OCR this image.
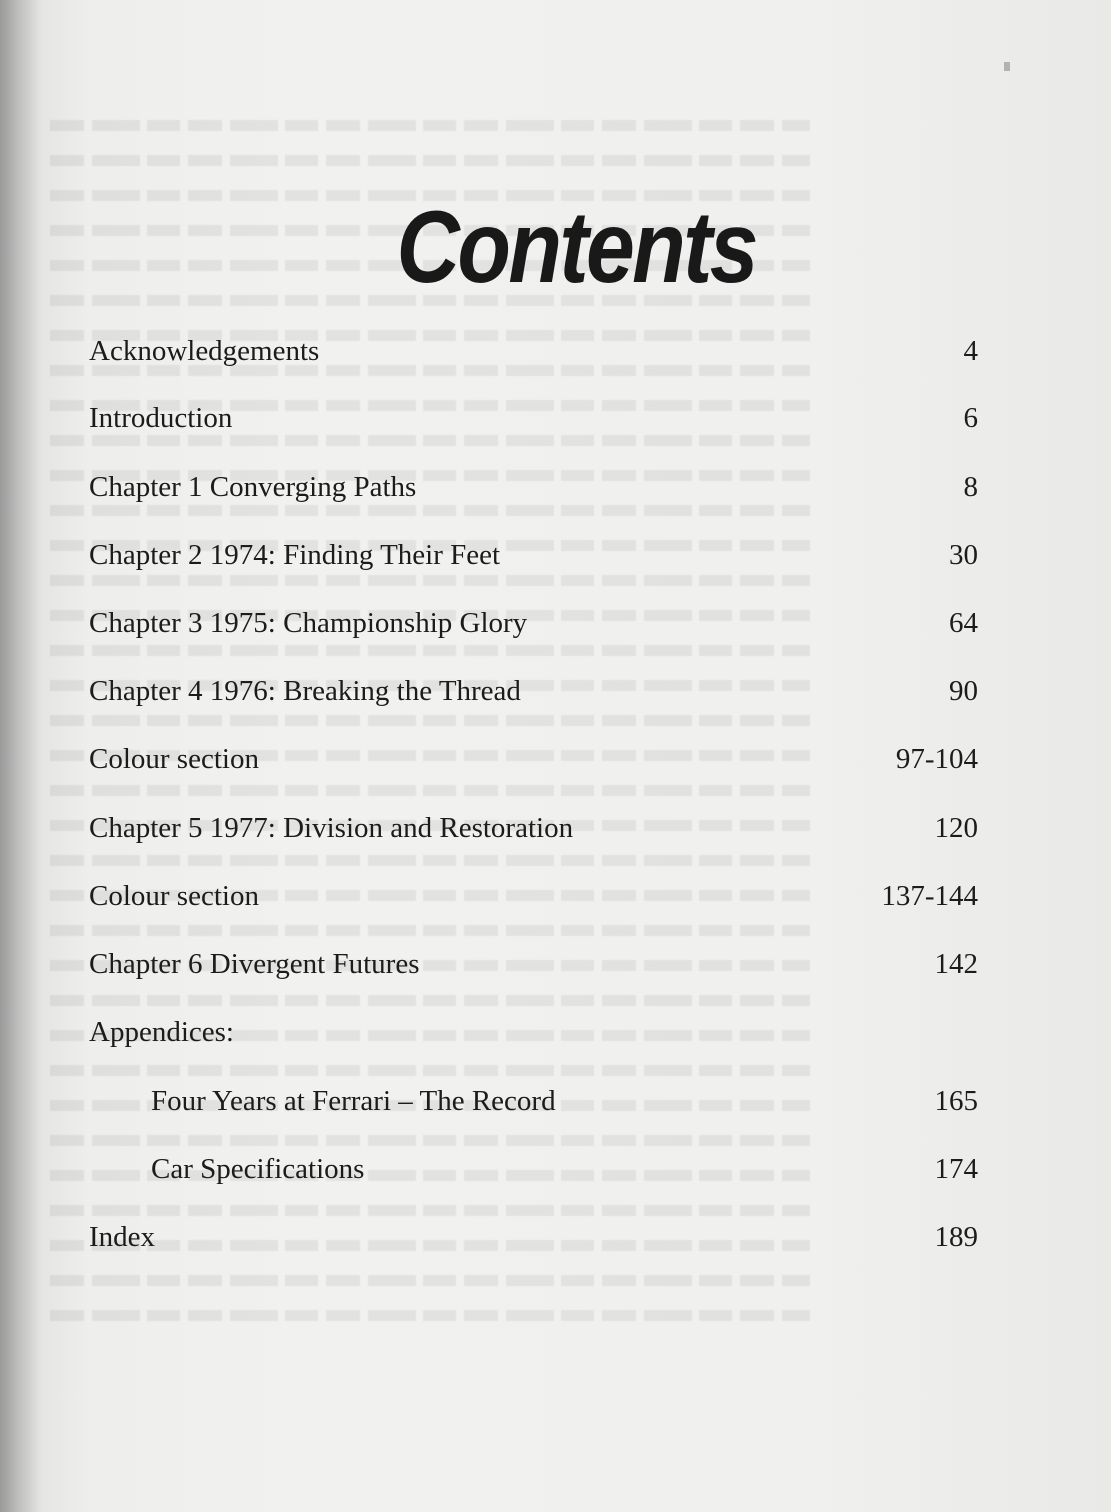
Contents
Acknowledgements	4
Introduction	6
Chapter 1 Converging Paths	8
Chapter 2 1974: Finding Their Feet	30
Chapter 3 1975: Championship Glory	64
Chapter 4 1976: Breaking the Thread	90
Colour section	97-104
Chapter 5 1977: Division and Restoration	120
Colour section	137-144
Chapter 6 Divergent Futures	142
Appendices:
Four Years at Ferrari – The Record	165
Car Specifications	174
Index	189
